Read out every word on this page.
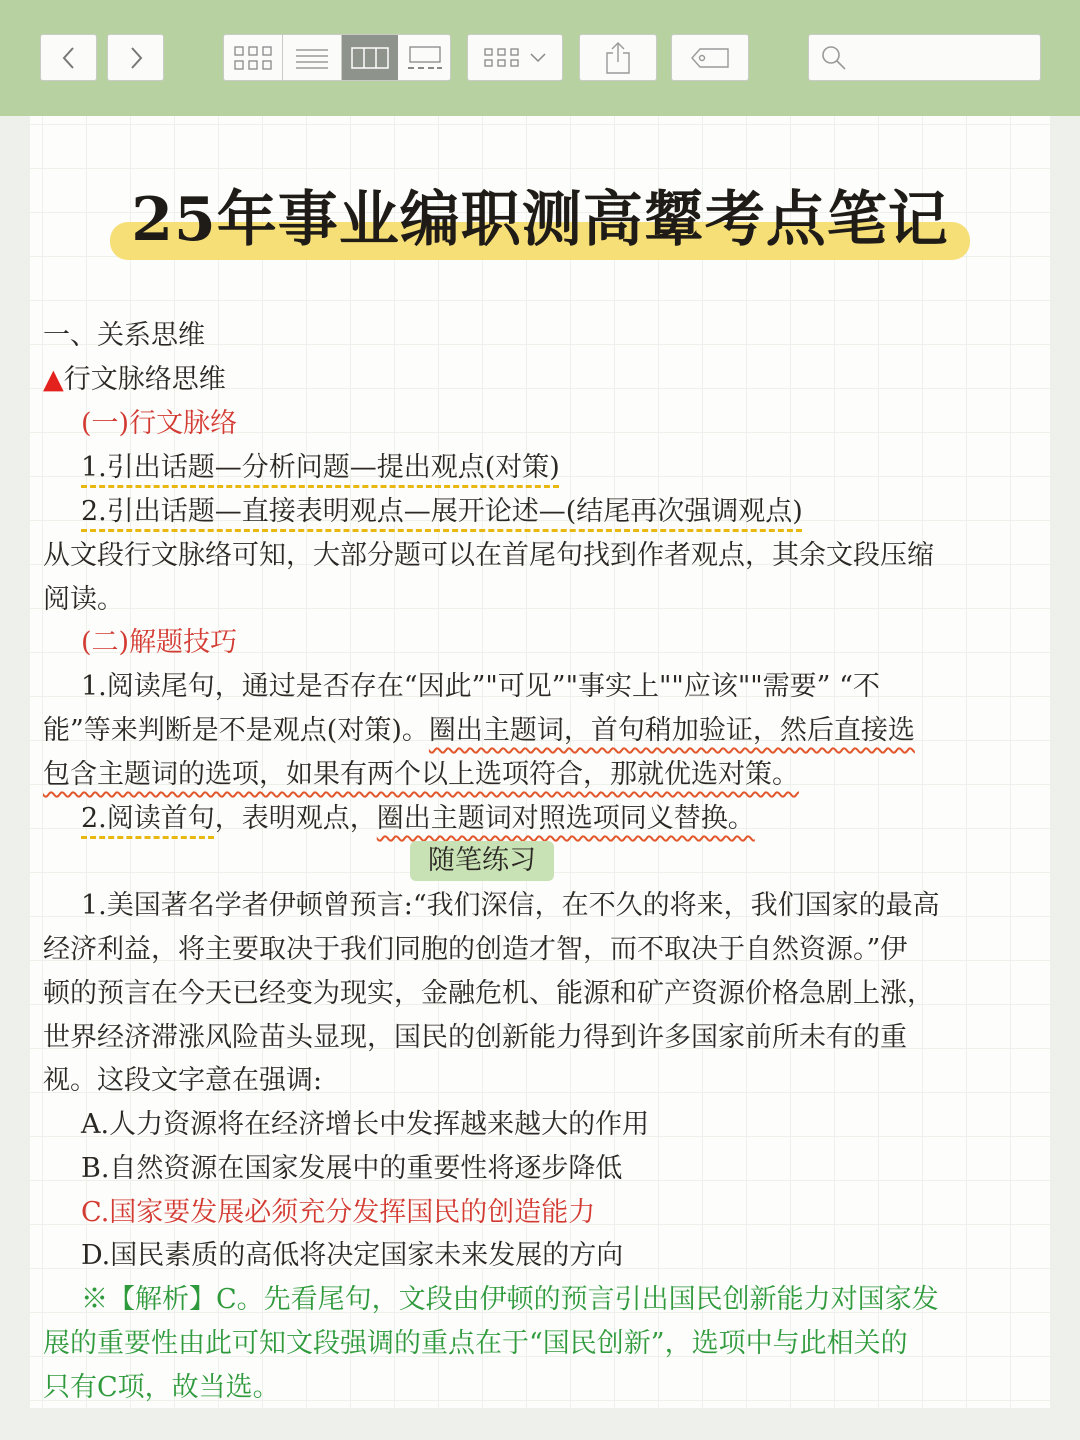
25年事业编职测高颦考点笔记
一、关系思维
▲行文脉络思维
(一)行文脉络
1.引出话题—分析问题—提出观点(对策)
2.引出话题—直接表明观点—展开论述—(结尾再次强调观点)
从文段行文脉络可知，大部分题可以在首尾句找到作者观点，其余文段压缩
阅读。
(二)解题技巧
1.阅读尾句，通过是否存在“因此”"可见”"事实上""应该""需要” “不
能”等来判断是不是观点(对策)。圈出主题词，首句稍加验证，然后直接选
包含主题词的选项，如果有两个以上选项符合，那就优选对策。
2.阅读首句，表明观点，圈出主题词对照选项同义替换。
随笔练习
1.美国著名学者伊顿曾预言:“我们深信，在不久的将来，我们国家的最高
经济利益，将主要取决于我们同胞的创造才智，而不取决于自然资源。”伊
顿的预言在今天已经变为现实，金融危机、能源和矿产资源价格急剧上涨，
世界经济滞涨风险苗头显现，国民的创新能力得到许多国家前所未有的重
视。这段文字意在强调:
A.人力资源将在经济增长中发挥越来越大的作用
B.自然资源在国家发展中的重要性将逐步降低
C.国家要发展必须充分发挥国民的创造能力
D.国民素质的高低将决定国家未来发展的方向
※【解析】C。先看尾句，文段由伊顿的预言引出国民创新能力对国家发
展的重要性由此可知文段强调的重点在于“国民创新”，选项中与此相关的
只有C项，故当选。
